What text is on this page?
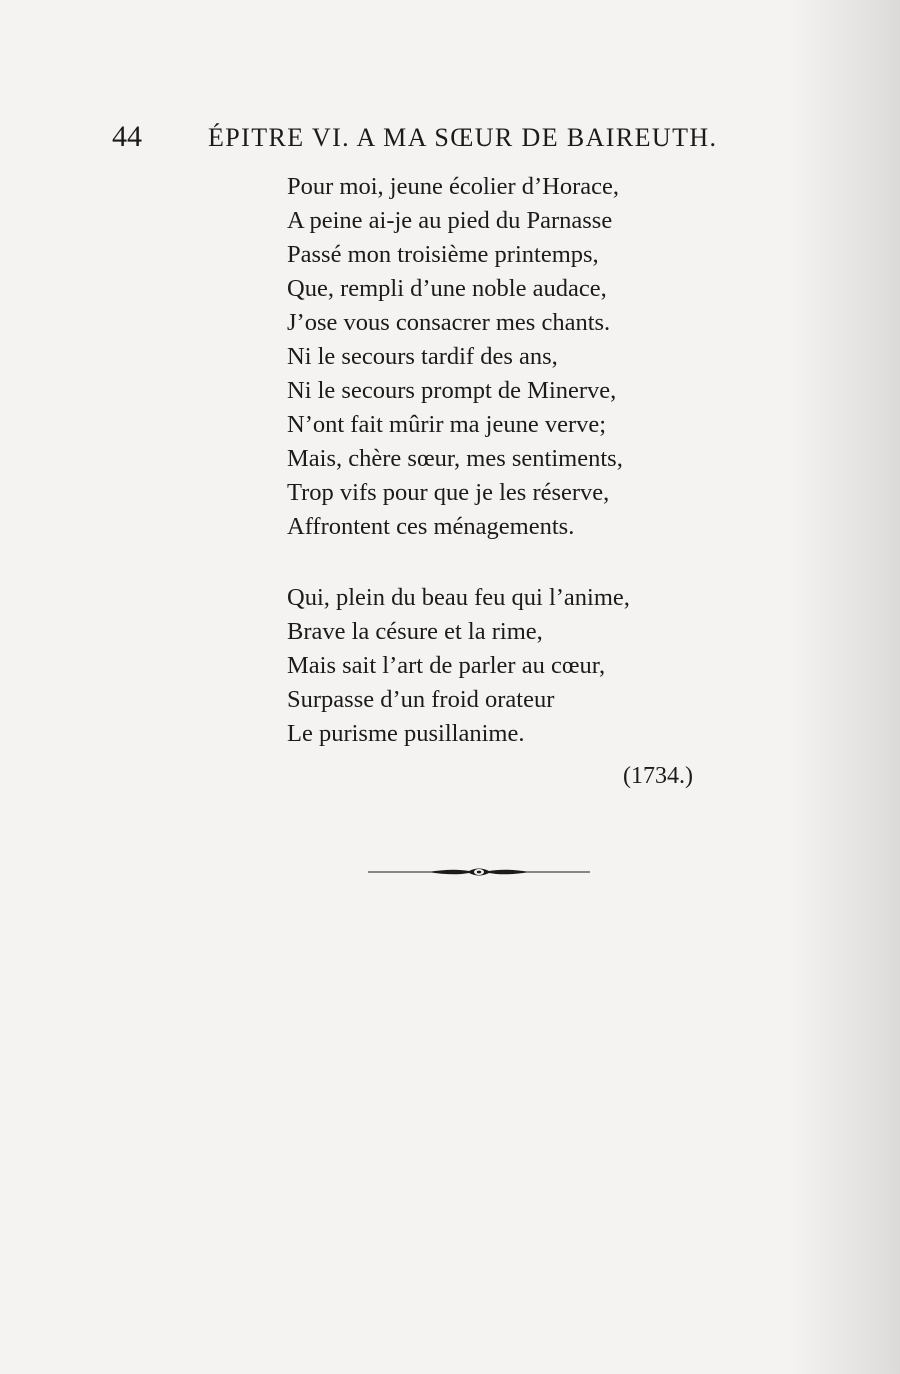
44	ÉPITRE VI. A MA SŒUR DE BAIREUTH.
Pour moi, jeune écolier d’Horace,
A peine ai-je au pied du Parnasse
Passé mon troisième printemps,
Que, rempli d’une noble audace,
J’ose vous consacrer mes chants.
Ni le secours tardif des ans,
Ni le secours prompt de Minerve,
N’ont fait mûrir ma jeune verve;
Mais, chère sœur, mes sentiments,
Trop vifs pour que je les réserve,
Affrontent ces ménagements.
Qui, plein du beau feu qui l’anime,
Brave la césure et la rime,
Mais sait l’art de parler au cœur,
Surpasse d’un froid orateur
Le purisme pusillanime.
(1734.)
